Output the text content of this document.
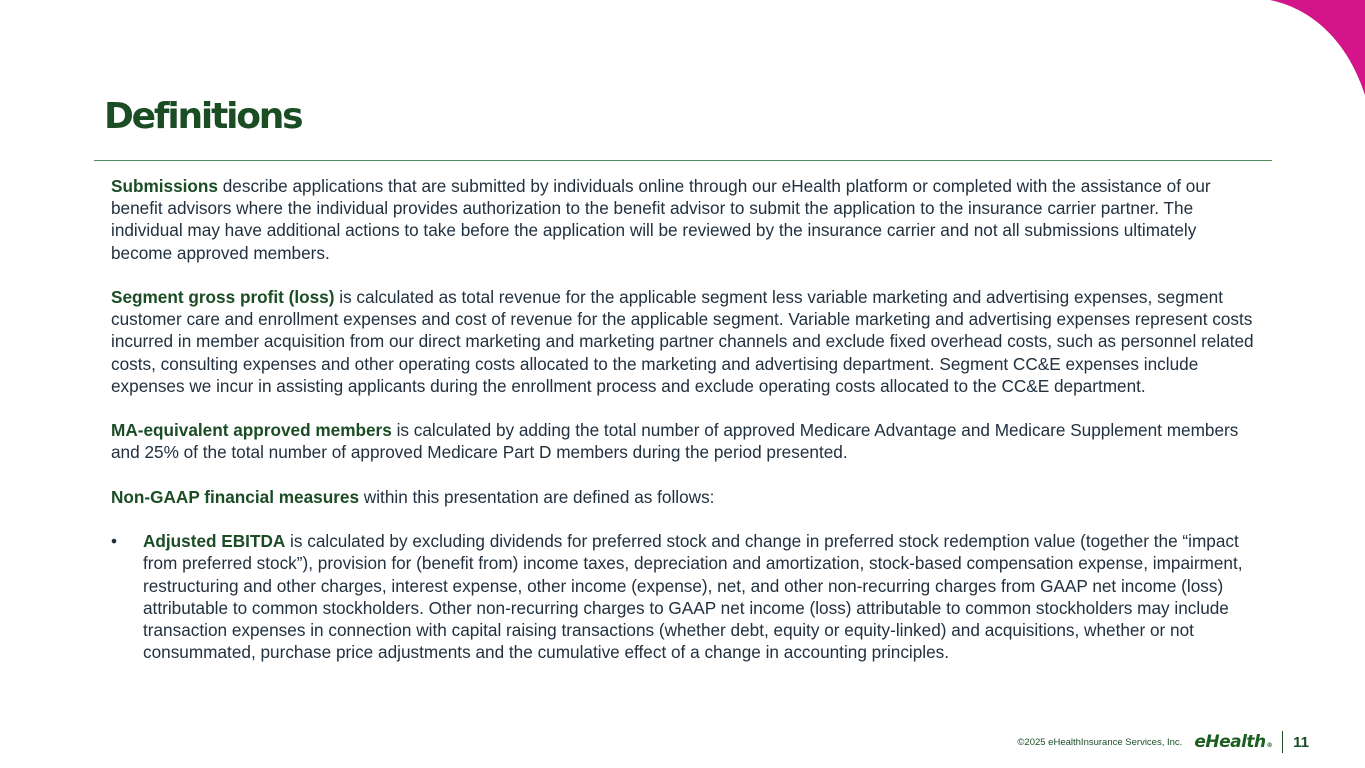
Definitions

Submissions describe applications that are submitted by individuals online through our eHealth platform or completed with the assistance of our benefit advisors where the individual provides authorization to the benefit advisor to submit the application to the insurance carrier partner. The individual may have additional actions to take before the application will be reviewed by the insurance carrier and not all submissions ultimately become approved members.

Segment gross profit (loss) is calculated as total revenue for the applicable segment less variable marketing and advertising expenses, segment customer care and enrollment expenses and cost of revenue for the applicable segment. Variable marketing and advertising expenses represent costs incurred in member acquisition from our direct marketing and marketing partner channels and exclude fixed overhead costs, such as personnel related costs, consulting expenses and other operating costs allocated to the marketing and advertising department. Segment CC&E expenses include expenses we incur in assisting applicants during the enrollment process and exclude operating costs allocated to the CC&E department.

MA-equivalent approved members is calculated by adding the total number of approved Medicare Advantage and Medicare Supplement members and 25% of the total number of approved Medicare Part D members during the period presented.

Non-GAAP financial measures within this presentation are defined as follows:

• Adjusted EBITDA is calculated by excluding dividends for preferred stock and change in preferred stock redemption value (together the “impact from preferred stock”), provision for (benefit from) income taxes, depreciation and amortization, stock-based compensation expense, impairment, restructuring and other charges, interest expense, other income (expense), net, and other non-recurring charges from GAAP net income (loss) attributable to common stockholders. Other non-recurring charges to GAAP net income (loss) attributable to common stockholders may include transaction expenses in connection with capital raising transactions (whether debt, equity or equity-linked) and acquisitions, whether or not consummated, purchase price adjustments and the cumulative effect of a change in accounting principles.

©2025 eHealthInsurance Services, Inc. eHealth® 11
